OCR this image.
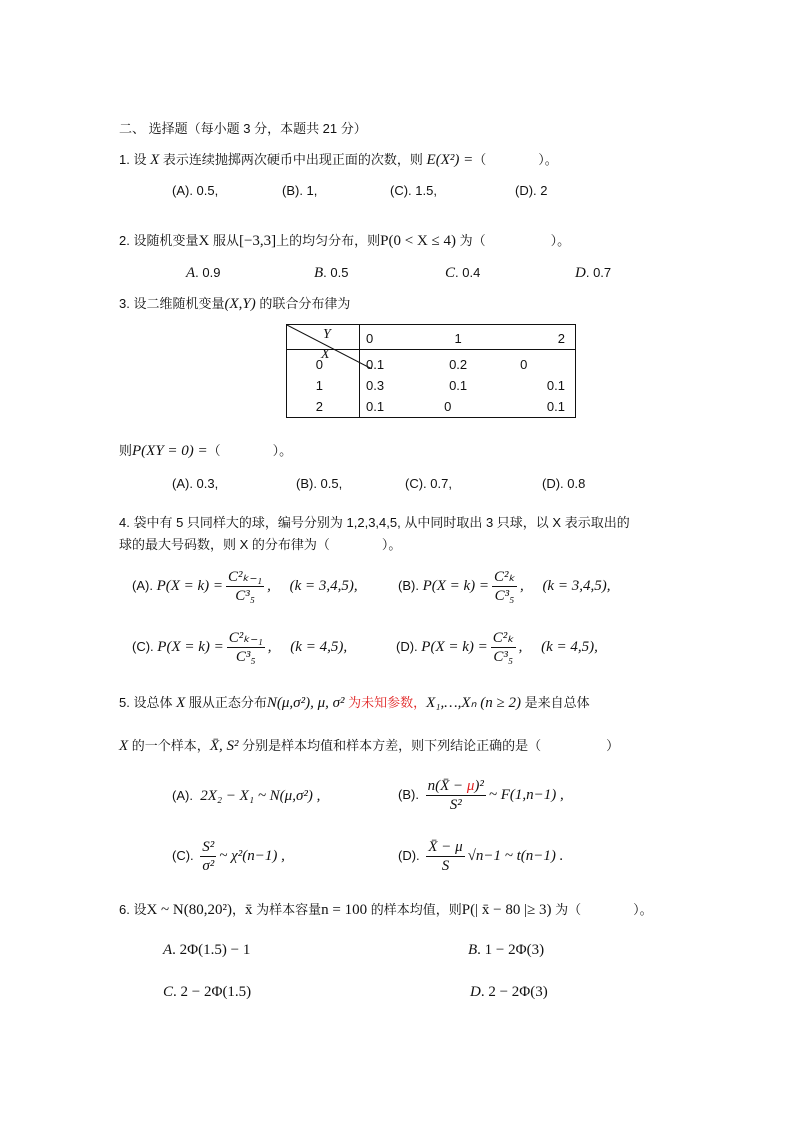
二、 选择题（每小题 3 分，本题共 21 分）
1. 设 X 表示连续抛掷两次硬币中出现正面的次数，则 E(X²) =（　　　　）。
(A). 0.5,	(B). 1,	(C). 1.5,	(D). 2
2. 设随机变量X 服从[−3,3]上的均匀分布，则P(0 < X ≤ 4) 为（　　　　　）。
A. 0.9	B. 0.5	C. 0.4	D. 0.7
3. 设二维随机变量(X,Y) 的联合分布律为
Y
X	0	1	2
0	0.1	0.2	0
1	0.3	0.1	0.1
2	0.1	0	0.1
则P(XY = 0) =（　　　　）。
(A). 0.3,	(B). 0.5,	(C). 0.7,	(D). 0.8
4. 袋中有 5 只同样大的球，编号分别为 1,2,3,4,5, 从中同时取出 3 只球，以 X 表示取出的
球的最大号码数，则 X 的分布律为（　　　　）。
(A). $P(X = k) = \frac{\text{C²ₖ₋₁}}{\text{C³₅}}$ ,　 (k = 3,4,5),	(B). $P(X = k) = \frac{\text{C²ₖ}}{\text{C³₅}}$ ,　 (k = 3,4,5),
(C). $P(X = k) = \frac{\text{C²ₖ₋₁}}{\text{C³₅}}$ ,　 (k = 4,5),	(D). $P(X = k) = \frac{\text{C²ₖ}}{\text{C³₅}}$ ,　 (k = 4,5),
5. 设总体 X 服从正态分布N(μ,σ²), μ, σ² 为未知参数，X₁,…,Xₙ (n ≥ 2) 是来自总体
X 的一个样本，X̄, S² 分别是样本均值和样本方差，则下列结论正确的是（　　　　　）
(A). 2X₂ − X₁ ~ N(μ,σ²) ,	(B). $\frac{\text{n(X̄ − μ)²}}{\text{S²}}$ ~ F(1,n−1) ,
(C). $\frac{\text{S²}}{\text{σ²}}$ ~ χ²(n−1) ,	(D). $\frac{X̄ - \mu}{S} √n-1$ ~ t(n−1) .
6. 设X ~ N(80,20²)，x̄ 为样本容量n = 100 的样本均值，则P(| x̄ − 80 |≥ 3) 为（　　　　）。
A. 2Φ(1.5) − 1	B. 1 − 2Φ(3)
C. 2 − 2Φ(1.5)	D. 2 − 2Φ(3)
